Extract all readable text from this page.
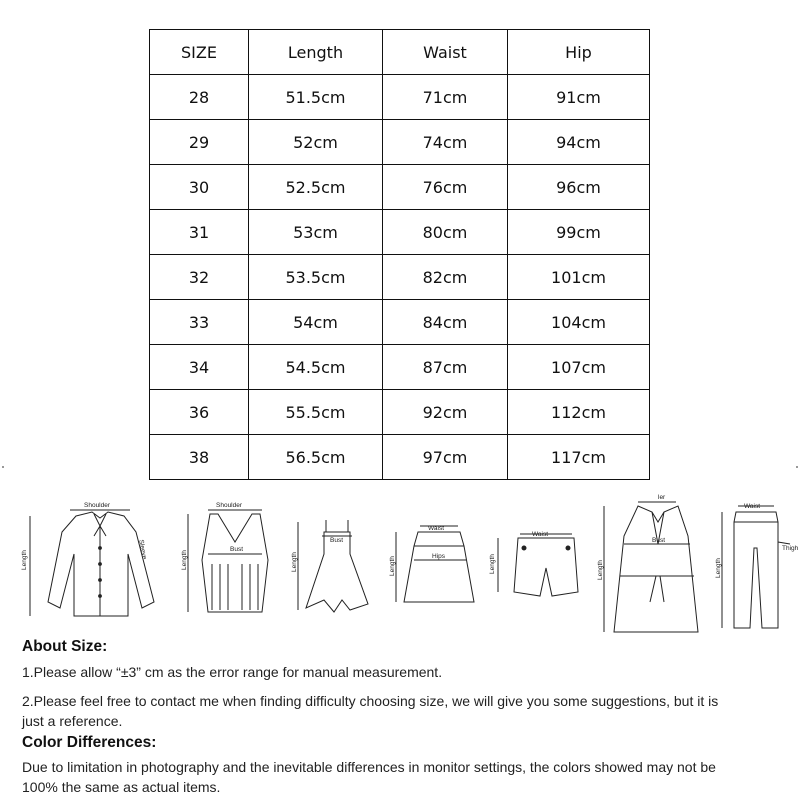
SIZE	Length	Waist	Hip
28	51.5cm	71cm	91cm
29	52cm	74cm	94cm
30	52.5cm	76cm	96cm
31	53cm	80cm	99cm
32	53.5cm	82cm	101cm
33	54cm	84cm	104cm
34	54.5cm	87cm	107cm
36	55.5cm	92cm	112cm
38	56.5cm	97cm	117cm
Shoulder
Length
Sleeve
Shoulder
Bust
Length
Bust
Length
Waist
Hips
Length
Waist
Length
ler
Bust
Length
Waist
Thigh
Length
About Size:
1.Please allow “±3” cm as the error range for manual measurement.
2.Please feel free to contact me when finding difficulty choosing size, we will give you some suggestions, but it is
just a reference.
Color Differences:
Due to limitation in photography and the inevitable differences in monitor settings, the colors showed may not be
100% the same as actual items.
